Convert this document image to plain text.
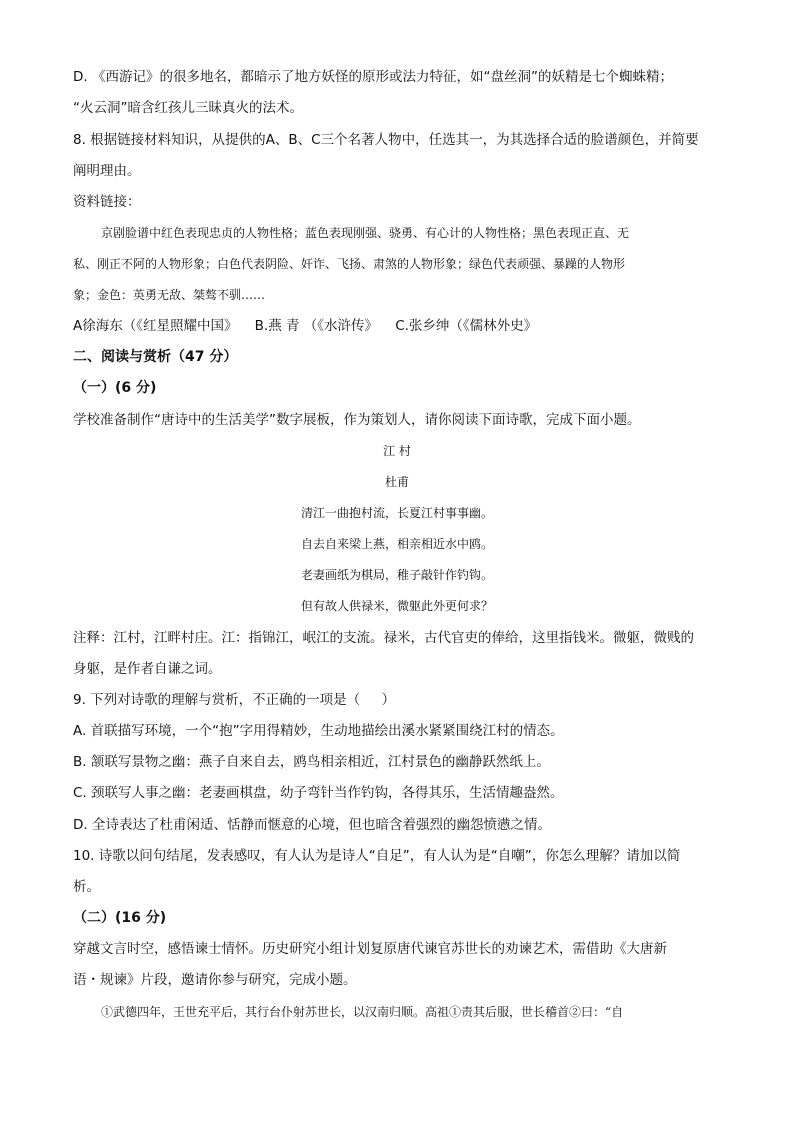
D. 《西游记》的很多地名，都暗示了地方妖怪的原形或法力特征，如“盘丝洞”的妖精是七个蜘蛛精；
“火云洞”暗含红孩儿三昧真火的法术。
8. 根据链接材料知识，从提供的A、B、C三个名著人物中，任选其一，为其选择合适的脸谱颜色，并简要
阐明理由。
资料链接：
京剧脸谱中红色表现忠贞的人物性格；蓝色表现刚强、骁勇、有心计的人物性格；黑色表现正直、无
私、刚正不阿的人物形象；白色代表阴险、奸诈、飞扬、肃煞的人物形象；绿色代表顽强、暴躁的人物形
象；金色：英勇无敌、桀骜不驯……
A徐海东（《红星照耀中国》    B.燕 青 （《水浒传》    C.张乡绅（《儒林外史》
二、阅读与赏析（47 分）
（一）(6 分)
学校准备制作“唐诗中的生活美学”数字展板，作为策划人，请你阅读下面诗歌，完成下面小题。
江 村
杜甫
清江一曲抱村流，长夏江村事事幽。
自去自来梁上燕，相亲相近水中鸥。
老妻画纸为棋局，稚子敲针作钓钩。
但有故人供禄米，微躯此外更何求？
注释：江村，江畔村庄。江：指锦江，岷江的支流。禄米，古代官吏的俸给，这里指钱米。微躯，微贱的
身躯，是作者自谦之词。
9. 下列对诗歌的理解与赏析，不正确的一项是（     ）
A. 首联描写环境，一个“抱”字用得精妙，生动地描绘出溪水紧紧围绕江村的情态。
B. 颔联写景物之幽：燕子自来自去，鸥鸟相亲相近，江村景色的幽静跃然纸上。
C. 颈联写人事之幽：老妻画棋盘，幼子弯针当作钓钩，各得其乐，生活情趣盎然。
D. 全诗表达了杜甫闲适、恬静而惬意的心境，但也暗含着强烈的幽怨愤懑之情。
10. 诗歌以问句结尾，发表感叹，有人认为是诗人“自足”，有人认为是“自嘲”，你怎么理解？请加以简
析。
（二）(16 分)
穿越文言时空，感悟谏士情怀。历史研究小组计划复原唐代谏官苏世长的劝谏艺术，需借助《大唐新
语・规谏》片段，邀请你参与研究，完成小题。
①武德四年，王世充平后，其行台仆射苏世长，以汉南归顺。高祖①责其后服，世长稽首②曰：“自
